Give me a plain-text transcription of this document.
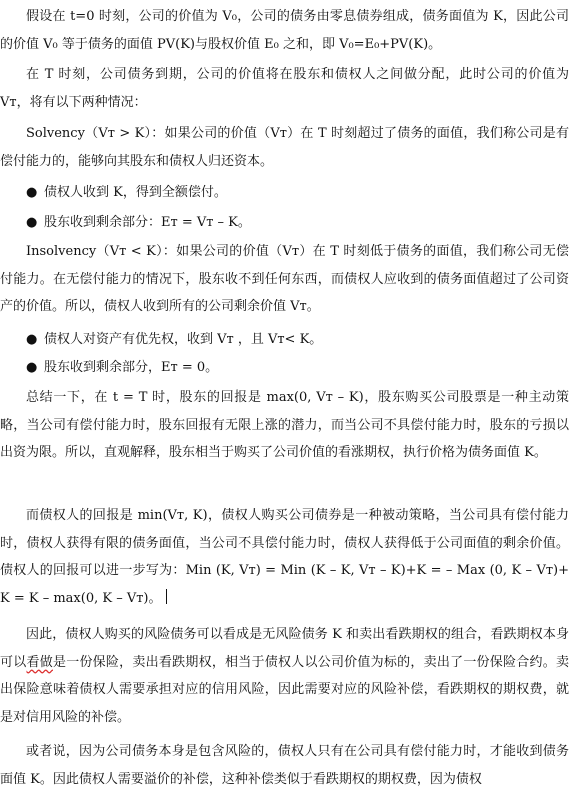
假设在 t=0 时刻，公司的价值为 V₀，公司的债务由零息债券组成，债务面值为 K，因此公司的价值 V₀ 等于债务的面值 PV(K)与股权价值 E₀ 之和，即 V₀=E₀+PV(K)。

在 T 时刻，公司债务到期，公司的价值将在股东和债权人之间做分配，此时公司的价值为 Vᴛ，将有以下两种情况：

Solvency（Vᴛ > K）：如果公司的价值（Vᴛ）在 T 时刻超过了债务的面值，我们称公司是有偿付能力的，能够向其股东和债权人归还资本。

● 债权人收到 K，得到全额偿付。
● 股东收到剩余部分：Eᴛ = Vᴛ – K。

Insolvency（Vᴛ < K）：如果公司的价值（Vᴛ）在 T 时刻低于债务的面值，我们称公司无偿付能力。在无偿付能力的情况下，股东收不到任何东西，而债权人应收到的债务面值超过了公司资产的价值。所以，债权人收到所有的公司剩余价值 Vᴛ。

● 债权人对资产有优先权，收到 Vᴛ ，且 Vᴛ< K。
● 股东收到剩余部分，Eᴛ = 0。

总结一下，在 t = T 时，股东的回报是 max(0, Vᴛ – K)，股东购买公司股票是一种主动策略，当公司有偿付能力时，股东回报有无限上涨的潜力，而当公司不具偿付能力时，股东的亏损以出资为限。所以，直观解释，股东相当于购买了公司价值的看涨期权，执行价格为债务面值 K。

而债权人的回报是 min(Vᴛ, K)，债权人购买公司债券是一种被动策略，当公司具有偿付能力时，债权人获得有限的债务面值，当公司不具偿付能力时，债权人获得低于公司面值的剩余价值。债权人的回报可以进一步写为：Min (K, Vᴛ) = Min (K – K, Vᴛ – K)+K = – Max (0, K – Vᴛ)+ K = K – max(0, K – Vᴛ)。

因此，债权人购买的风险债务可以看成是无风险债务 K 和卖出看跌期权的组合，看跌期权本身可以看做是一份保险，卖出看跌期权，相当于债权人以公司价值为标的，卖出了一份保险合约。卖出保险意味着债权人需要承担对应的信用风险，因此需要对应的风险补偿，看跌期权的期权费，就是对信用风险的补偿。

或者说，因为公司债务本身是包含风险的，债权人只有在公司具有偿付能力时，才能收到债务面值 K。因此债权人需要溢价的补偿，这种补偿类似于看跌期权的期权费，因为债权
